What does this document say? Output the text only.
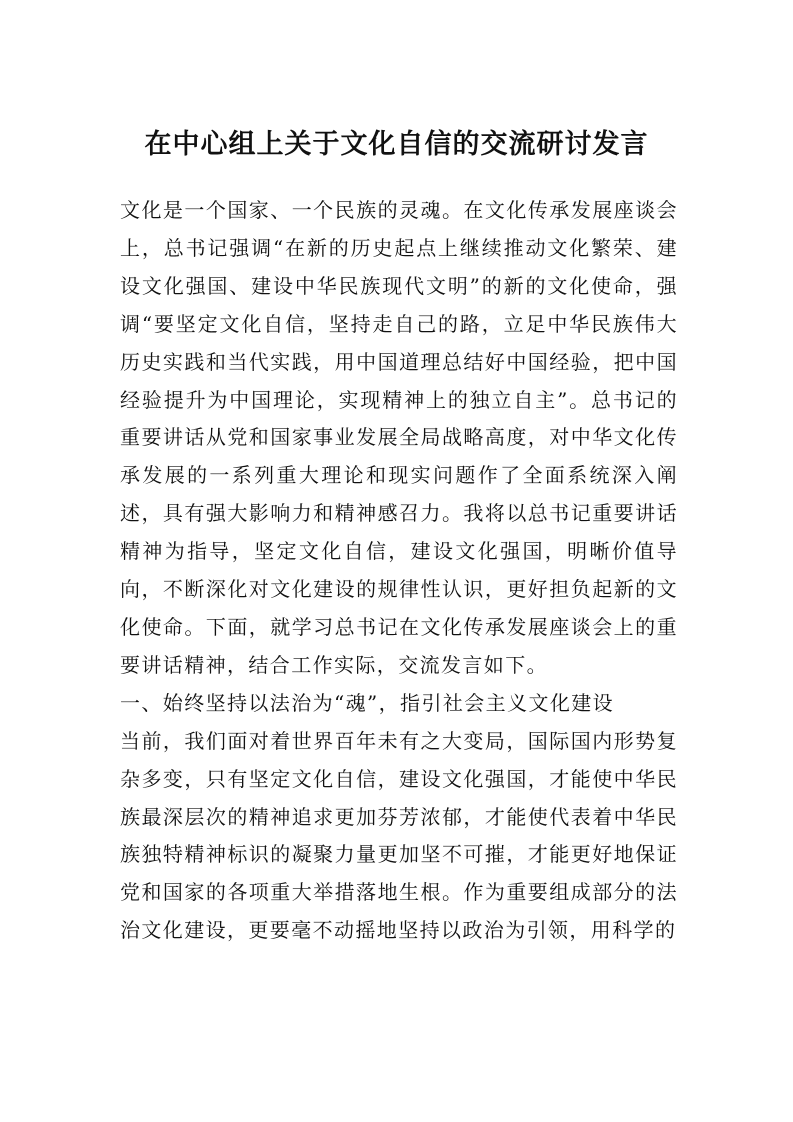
在中心组上关于文化自信的交流研讨发言

文化是一个国家、一个民族的灵魂。在文化传承发展座谈会上，总书记强调“在新的历史起点上继续推动文化繁荣、建设文化强国、建设中华民族现代文明”的新的文化使命，强调“要坚定文化自信，坚持走自己的路，立足中华民族伟大历史实践和当代实践，用中国道理总结好中国经验，把中国经验提升为中国理论，实现精神上的独立自主”。总书记的重要讲话从党和国家事业发展全局战略高度，对中华文化传承发展的一系列重大理论和现实问题作了全面系统深入阐述，具有强大影响力和精神感召力。我将以总书记重要讲话精神为指导，坚定文化自信，建设文化强国，明晰价值导向，不断深化对文化建设的规律性认识，更好担负起新的文化使命。下面，就学习总书记在文化传承发展座谈会上的重要讲话精神，结合工作实际，交流发言如下。

一、始终坚持以法治为“魂”，指引社会主义文化建设

当前，我们面对着世界百年未有之大变局，国际国内形势复杂多变，只有坚定文化自信，建设文化强国，才能使中华民族最深层次的精神追求更加芬芳浓郁，才能使代表着中华民族独特精神标识的凝聚力量更加坚不可摧，才能更好地保证党和国家的各项重大举措落地生根。作为重要组成部分的法治文化建设，更要毫不动摇地坚持以政治为引领，用科学的
